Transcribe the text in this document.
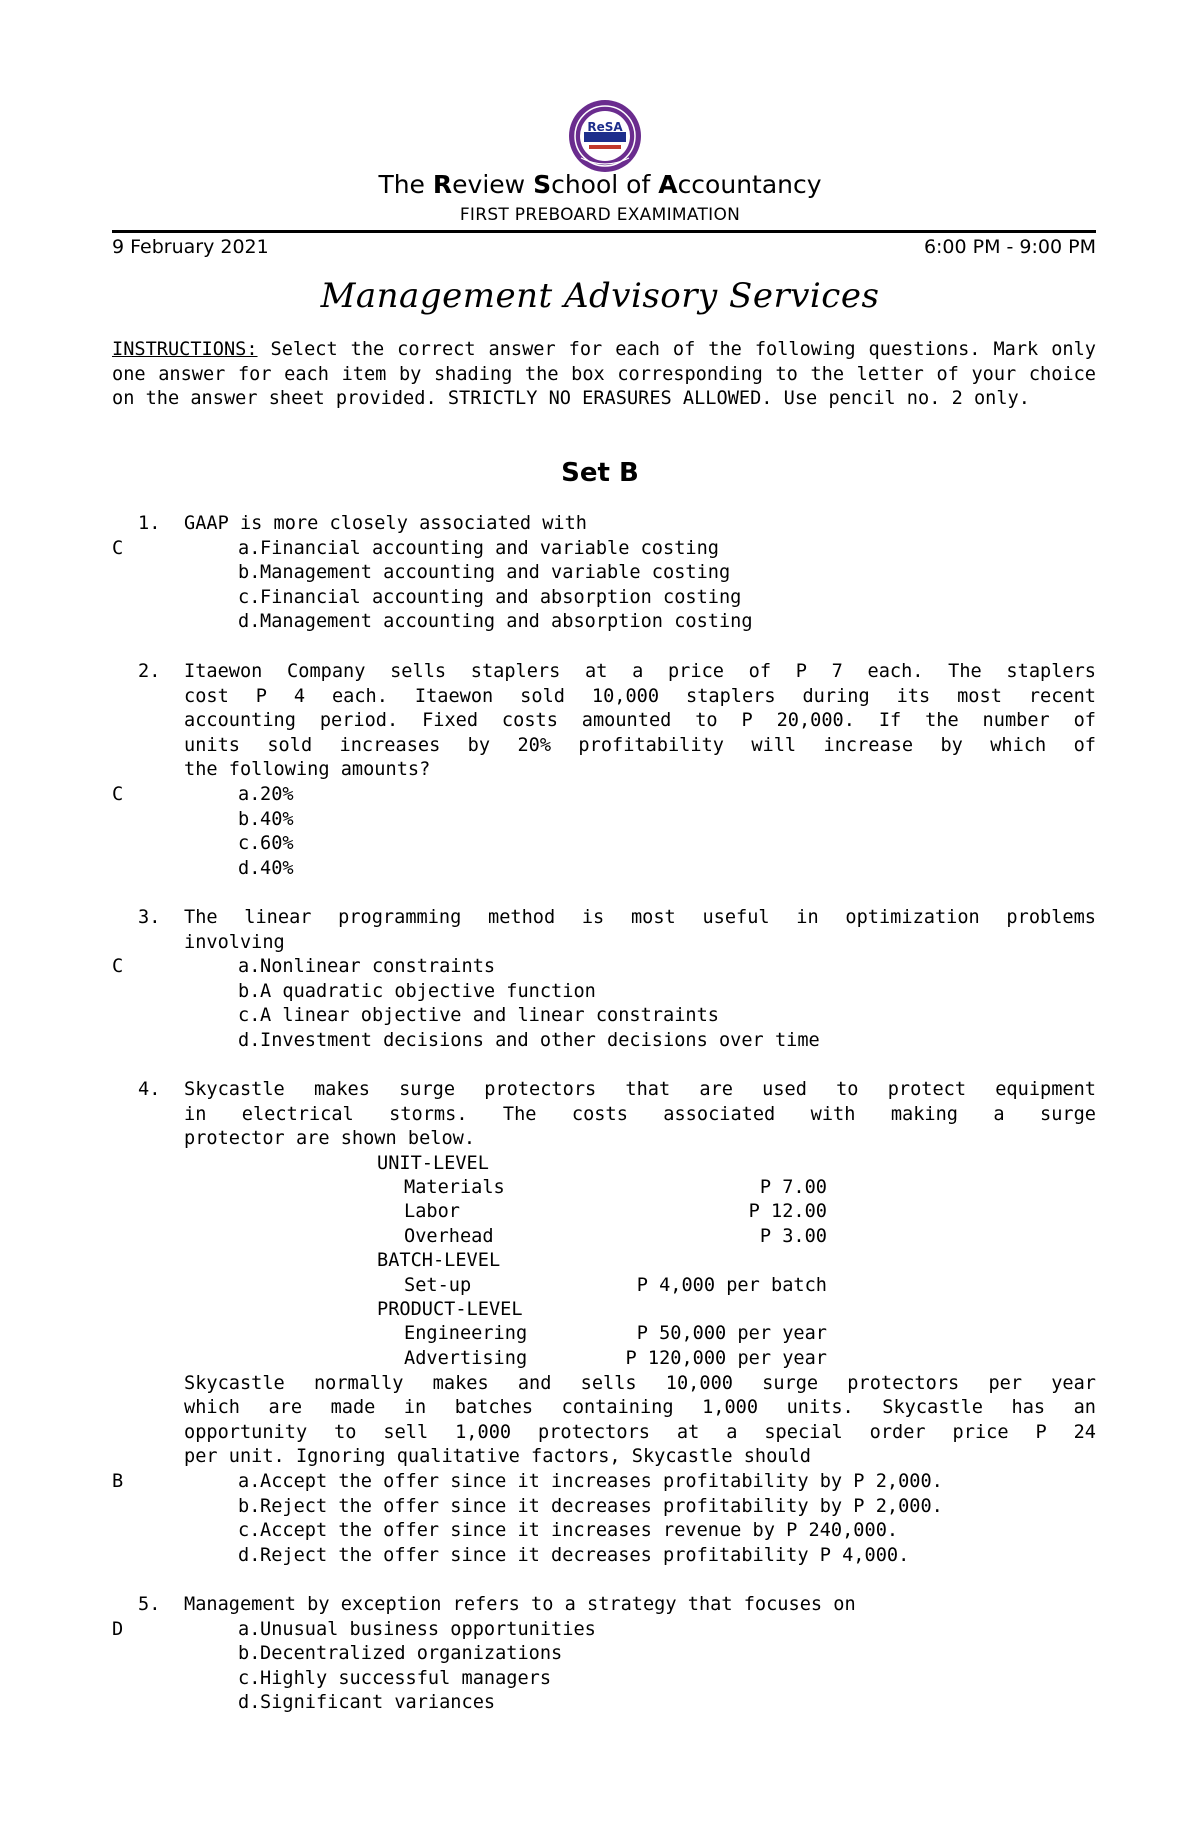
ReSA
The Review School of Accountancy
FIRST PREBOARD EXAMIMATION
9 February 2021	6:00 PM - 9:00 PM
Management Advisory Services
INSTRUCTIONS: Select the correct answer for each of the following questions. Mark only one answer for each item by shading the box corresponding to the letter of your choice on the answer sheet provided. STRICTLY NO ERASURES ALLOWED. Use pencil no. 2 only.
Set B
1. GAAP is more closely associated with
C	a. Financial accounting and variable costing
b. Management accounting and variable costing
c. Financial accounting and absorption costing
d. Management accounting and absorption costing
2. Itaewon Company sells staplers at a price of P 7 each. The staplers
cost P 4 each. Itaewon sold 10,000 staplers during its most recent
accounting period. Fixed costs amounted to P 20,000. If the number of
units sold increases by 20% profitability will increase by which of
the following amounts?
C	a. 20%
b. 40%
c. 60%
d. 40%
3. The linear programming method is most useful in optimization problems
involving
C	a. Nonlinear constraints
b. A quadratic objective function
c. A linear objective and linear constraints
d. Investment decisions and other decisions over time
4. Skycastle makes surge protectors that are used to protect equipment
in electrical storms. The costs associated with making a surge
protector are shown below.
UNIT-LEVEL
Materials	P 7.00
Labor	P 12.00
Overhead	P 3.00
BATCH-LEVEL
Set-up	P 4,000 per batch
PRODUCT-LEVEL
Engineering	P 50,000 per year
Advertising	P 120,000 per year
Skycastle normally makes and sells 10,000 surge protectors per year
which are made in batches containing 1,000 units. Skycastle has an
opportunity to sell 1,000 protectors at a special order price P 24
per unit. Ignoring qualitative factors, Skycastle should
B	a. Accept the offer since it increases profitability by P 2,000.
b. Reject the offer since it decreases profitability by P 2,000.
c. Accept the offer since it increases revenue by P 240,000.
d. Reject the offer since it decreases profitability P 4,000.
5. Management by exception refers to a strategy that focuses on
D	a. Unusual business opportunities
b. Decentralized organizations
c. Highly successful managers
d. Significant variances
